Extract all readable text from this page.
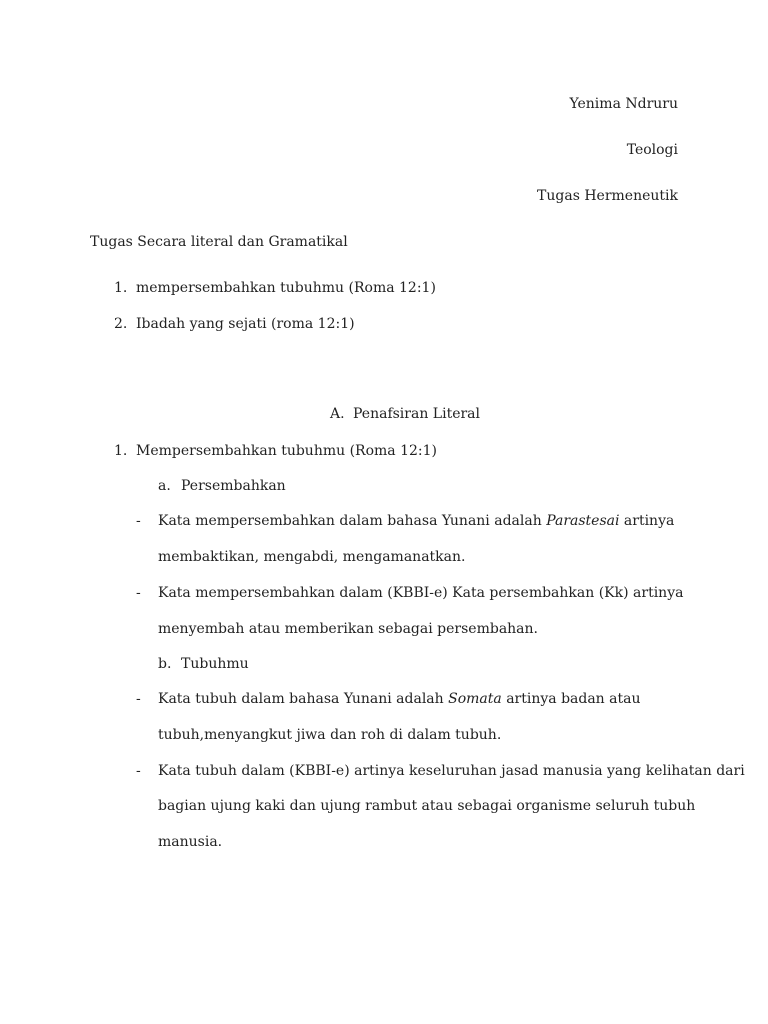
Yenima Ndruru
Teologi
Tugas Hermeneutik
Tugas Secara literal dan Gramatikal
1. mempersembahkan tubuhmu (Roma 12:1)
2. Ibadah yang sejati (roma 12:1)
A. Penafsiran Literal
1. Mempersembahkan tubuhmu (Roma 12:1)
a. Persembahkan
- Kata mempersembahkan dalam bahasa Yunani adalah Parastesai artinya
membaktikan, mengabdi, mengamanatkan.
- Kata mempersembahkan dalam (KBBI-e) Kata persembahkan (Kk) artinya
menyembah atau memberikan sebagai persembahan.
b. Tubuhmu
- Kata tubuh dalam bahasa Yunani adalah Somata artinya badan atau
tubuh,menyangkut jiwa dan roh di dalam tubuh.
- Kata tubuh dalam (KBBI-e) artinya keseluruhan jasad manusia yang kelihatan dari
bagian ujung kaki dan ujung rambut atau sebagai organisme seluruh tubuh
manusia.
